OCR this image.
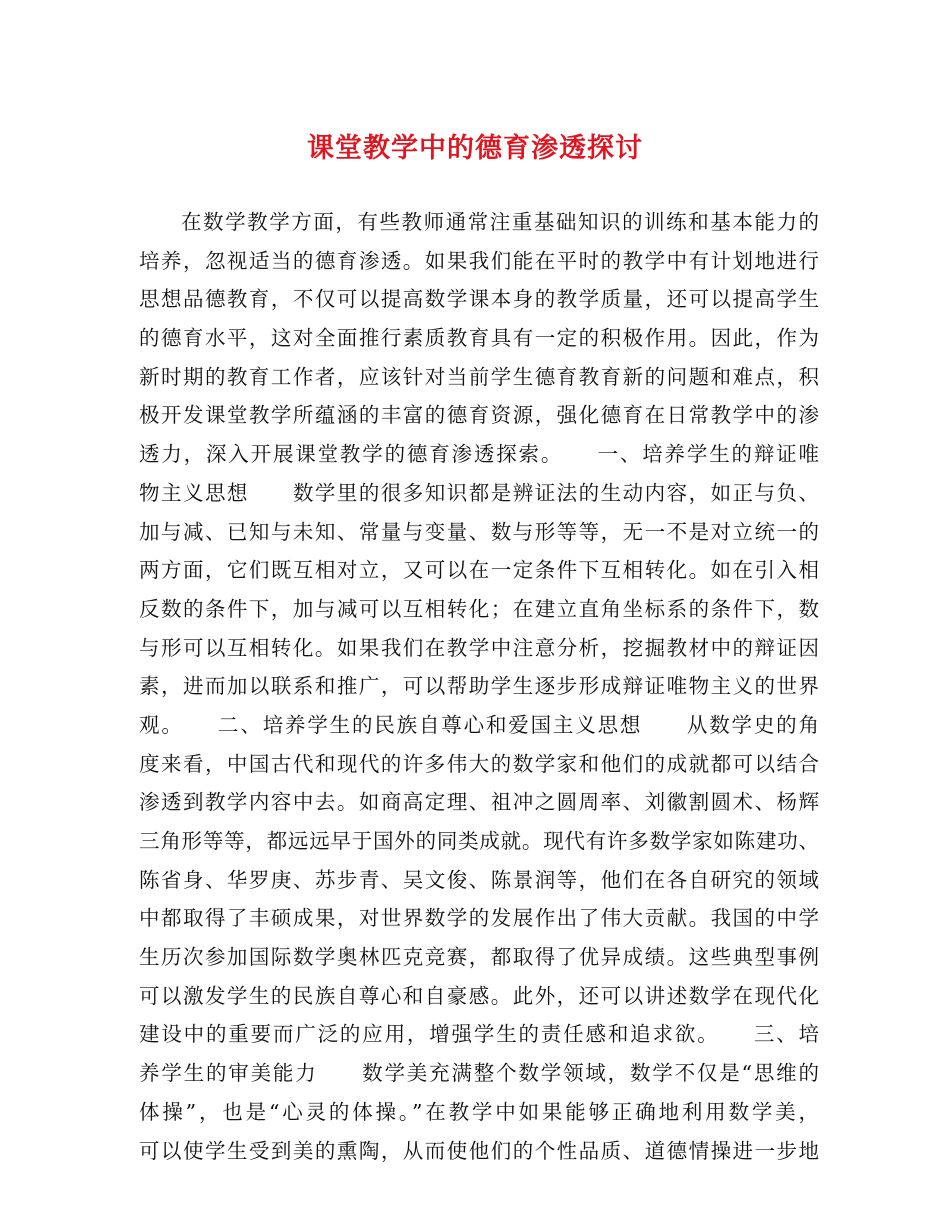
课堂教学中的德育渗透探讨
在数学教学方面，有些教师通常注重基础知识的训练和基本能力的
培养，忽视适当的德育渗透。如果我们能在平时的教学中有计划地进行
思想品德教育，不仅可以提高数学课本身的教学质量，还可以提高学生
的德育水平，这对全面推行素质教育具有一定的积极作用。因此，作为
新时期的教育工作者，应该针对当前学生德育教育新的问题和难点，积
极开发课堂教学所蕴涵的丰富的德育资源，强化德育在日常教学中的渗
透力，深入开展课堂教学的德育渗透探索。　　一、培养学生的辩证唯
物主义思想　　数学里的很多知识都是辨证法的生动内容，如正与负、
加与减、已知与未知、常量与变量、数与形等等，无一不是对立统一的
两方面，它们既互相对立，又可以在一定条件下互相转化。如在引入相
反数的条件下，加与减可以互相转化；在建立直角坐标系的条件下，数
与形可以互相转化。如果我们在教学中注意分析，挖掘教材中的辩证因
素，进而加以联系和推广，可以帮助学生逐步形成辩证唯物主义的世界
观。　　二、培养学生的民族自尊心和爱国主义思想　　从数学史的角
度来看，中国古代和现代的许多伟大的数学家和他们的成就都可以结合
渗透到教学内容中去。如商高定理、祖冲之圆周率、刘徽割圆术、杨辉
三角形等等，都远远早于国外的同类成就。现代有许多数学家如陈建功、
陈省身、华罗庚、苏步青、吴文俊、陈景润等，他们在各自研究的领域
中都取得了丰硕成果，对世界数学的发展作出了伟大贡献。我国的中学
生历次参加国际数学奥林匹克竞赛，都取得了优异成绩。这些典型事例
可以激发学生的民族自尊心和自豪感。此外，还可以讲述数学在现代化
建设中的重要而广泛的应用，增强学生的责任感和追求欲。　　三、培
养学生的审美能力　　数学美充满整个数学领域，数学不仅是“思维的
体操”，也是“心灵的体操。”在教学中如果能够正确地利用数学美，
可以使学生受到美的熏陶，从而使他们的个性品质、道德情操进一步地
